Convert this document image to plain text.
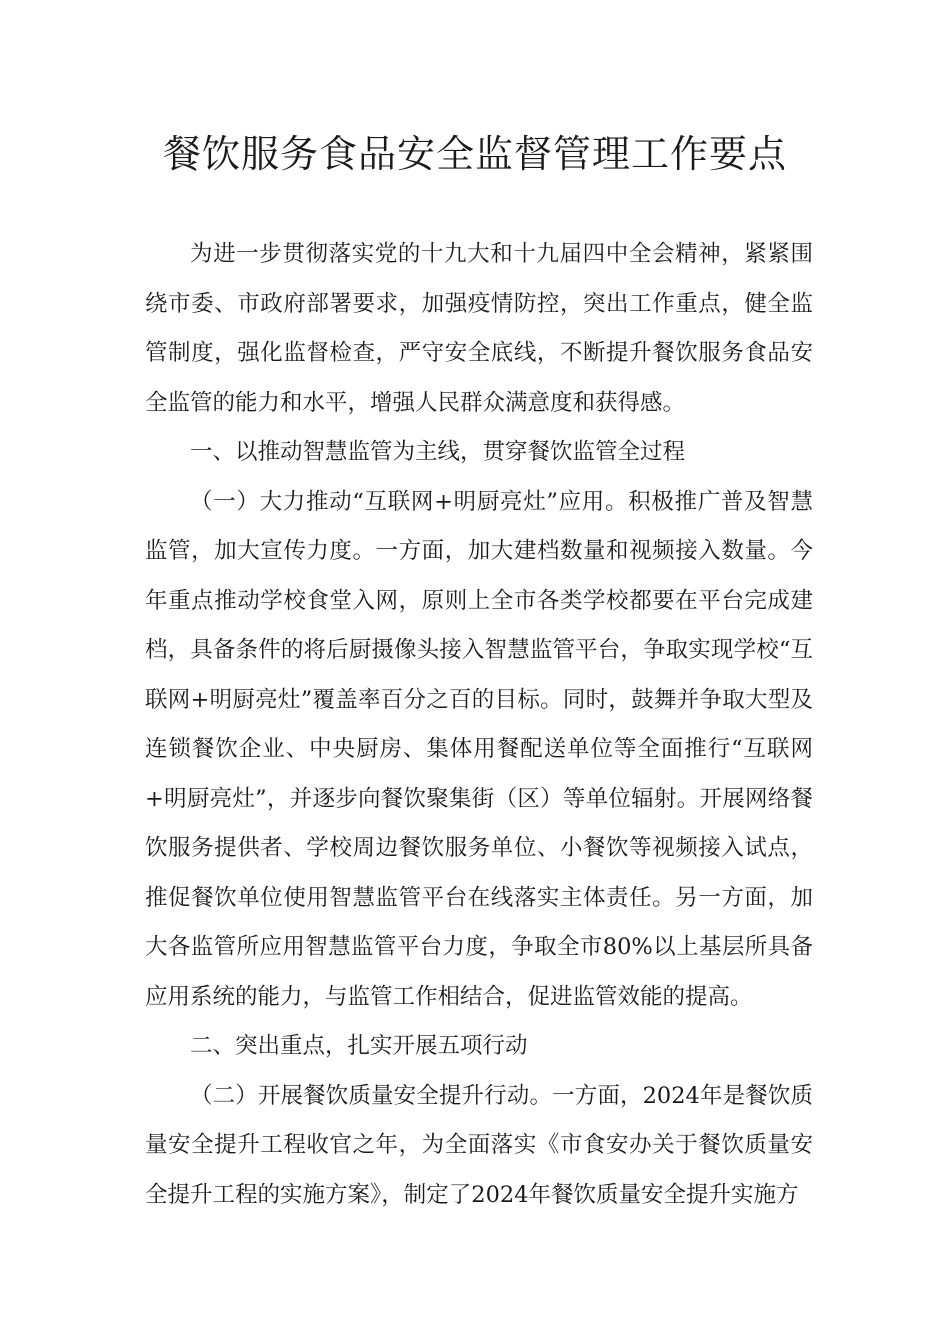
餐饮服务食品安全监督管理工作要点

为进一步贯彻落实党的十九大和十九届四中全会精神，紧紧围绕市委、市政府部署要求，加强疫情防控，突出工作重点，健全监管制度，强化监督检查，严守安全底线，不断提升餐饮服务食品安全监管的能力和水平，增强人民群众满意度和获得感。

一、以推动智慧监管为主线，贯穿餐饮监管全过程

（一）大力推动“互联网+明厨亮灶”应用。积极推广普及智慧监管，加大宣传力度。一方面，加大建档数量和视频接入数量。今年重点推动学校食堂入网，原则上全市各类学校都要在平台完成建档，具备条件的将后厨摄像头接入智慧监管平台，争取实现学校“互联网+明厨亮灶”覆盖率百分之百的目标。同时，鼓舞并争取大型及连锁餐饮企业、中央厨房、集体用餐配送单位等全面推行“互联网+明厨亮灶”，并逐步向餐饮聚集街（区）等单位辐射。开展网络餐饮服务提供者、学校周边餐饮服务单位、小餐饮等视频接入试点，推促餐饮单位使用智慧监管平台在线落实主体责任。另一方面，加大各监管所应用智慧监管平台力度，争取全市80%以上基层所具备应用系统的能力，与监管工作相结合，促进监管效能的提高。

二、突出重点，扎实开展五项行动

（二）开展餐饮质量安全提升行动。一方面，2024年是餐饮质量安全提升工程收官之年，为全面落实《市食安办关于餐饮质量安全提升工程的实施方案》，制定了2024年餐饮质量安全提升实施方
